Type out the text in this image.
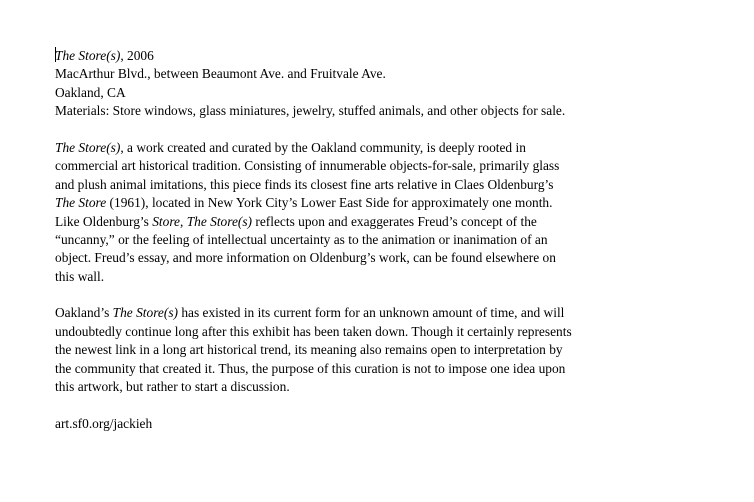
The Store(s), 2006
MacArthur Blvd., between Beaumont Ave. and Fruitvale Ave.
Oakland, CA
Materials: Store windows, glass miniatures, jewelry, stuffed animals, and other objects for sale.
The Store(s), a work created and curated by the Oakland community, is deeply rooted in
commercial art historical tradition. Consisting of innumerable objects-for-sale, primarily glass
and plush animal imitations, this piece finds its closest fine arts relative in Claes Oldenburg’s
The Store (1961), located in New York City’s Lower East Side for approximately one month.
Like Oldenburg’s Store, The Store(s) reflects upon and exaggerates Freud’s concept of the
“uncanny,” or the feeling of intellectual uncertainty as to the animation or inanimation of an
object. Freud’s essay, and more information on Oldenburg’s work, can be found elsewhere on
this wall.
Oakland’s The Store(s) has existed in its current form for an unknown amount of time, and will
undoubtedly continue long after this exhibit has been taken down. Though it certainly represents
the newest link in a long art historical trend, its meaning also remains open to interpretation by
the community that created it. Thus, the purpose of this curation is not to impose one idea upon
this artwork, but rather to start a discussion.
art.sf0.org/jackieh
